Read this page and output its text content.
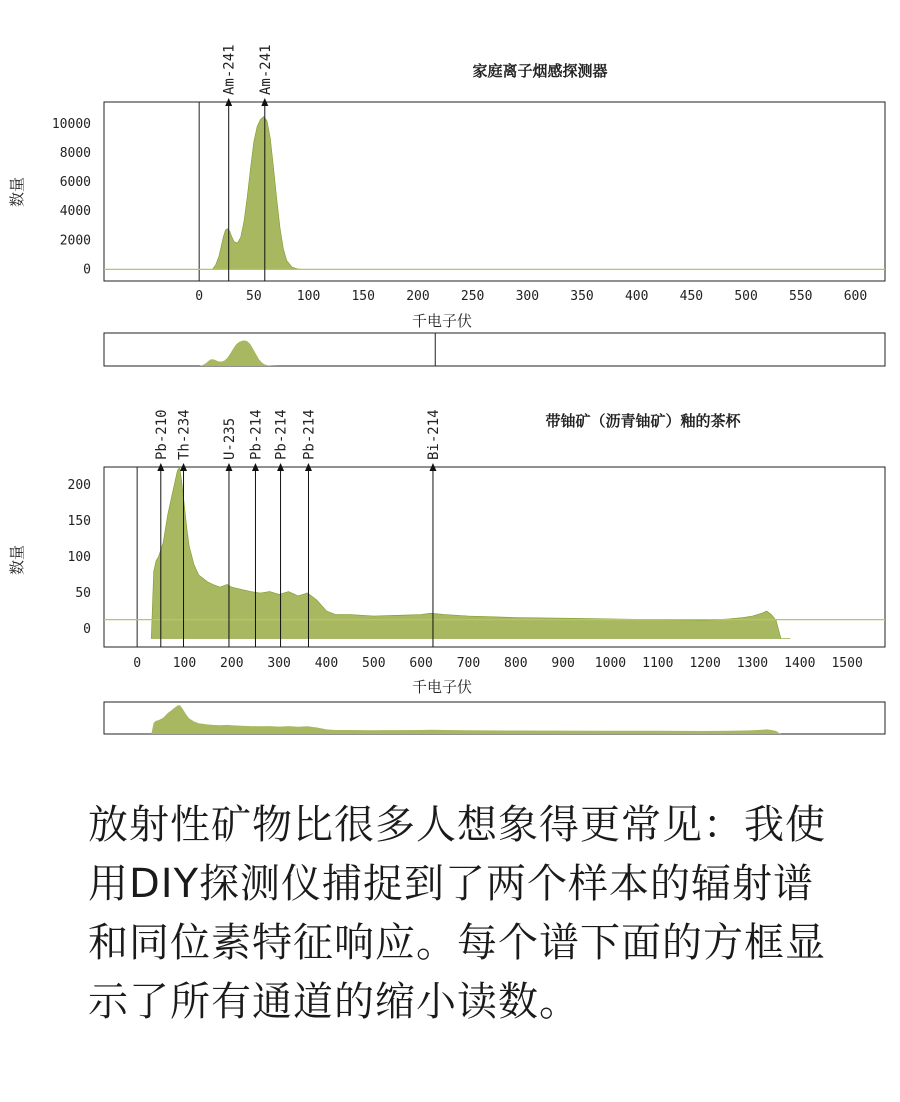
家庭离子烟感探测器
数量
千电子伏
0	50	100 150 200 250 300 350 400 450 500 550 600
0
2000
4000
6000
8000
10000
Am-241 Am-241
带铀矿（沥青铀矿）釉的茶杯
数量
千电子伏
0 100 200 300 400 500 600 700 800 900 1000 1100 1200 1300 1400 1500
0
50
100
150
200
Pb-210 Th-234 U-235 Pb-214 Pb-214 Pb-214	Bi-214

放射性矿物比很多人想象得更常见：我使

用DIY探测仪捕捉到了两个样本的辐射谱

和同位素特征响应。每个谱下面的方框显

示了所有通道的缩小读数。
